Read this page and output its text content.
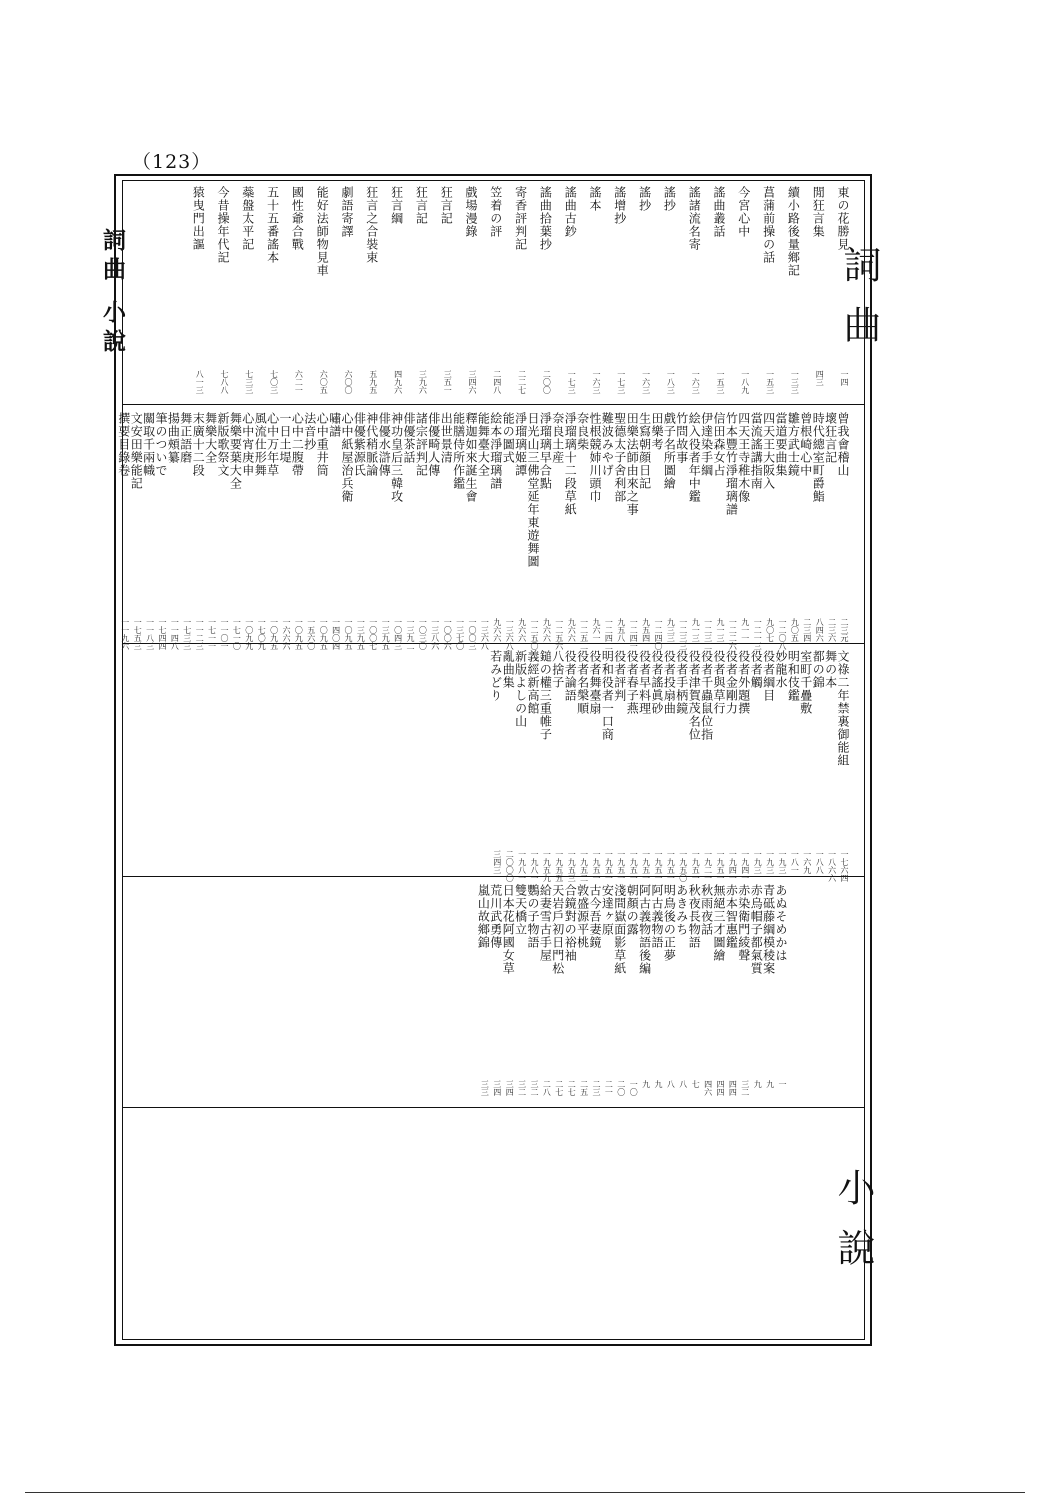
（123）
詞曲 小說	詞曲
小說
東の花勝見
一四
曾我會稽山
二三元
文祿二年禁裏御能組
一七六四
壞狂言記
二三六
舞の本
一八六六
閒狂言集
四三
時代總室町爵鮨
八四六
都の錦
一八八
曾根崎心中
二三四
室町千疊敷
一六九
續小路後量鄉記
一三三
雛方武士鏡
九〇五
明和伎鑑
一八一
當道要曲集
一二〇八
妙龍水
一九三
あぬそめかは
一
菖蒲前操の話
一五三
四天王大阪入
九〇七
役者綱目
一九三
青砥藤綱模稜案
九
當流謠講指南
一二一三
役者觸
一九三
赤烏帽子都氣質
九
今宮心中
一八九
四天王寺稚木像
九一一
役者外題撰
一九四一
赤染衛門綾聲
三二
竹本豐竹淨瑠璃譜
一二二六
役者金剛力
一九四一
赤本智惠鑑
四四
謠曲叢話
一五三
信田森女占
九一三
役者與草行
一九五一
無絕三才圖繪
四四
伊達染手綱
一二三二
役者千蟲鼠位指
一九二一
秋雨夜話
四六
謠諸流名寄
一六三
絵入役者年中鑑
九一三
役者津賀茂名位
一九五一
秋夜長物語
七
竹問故事
一二三三
役者手柄鏡
一九五〇
あきみち
八
謠抄
一八三
戲子名所圖繪
九三三
役者投扇曲
一九五一
明鳥後の正夢
八
田樂考
一二四〇
役者謠眞砂
一九五一
阿古義物語
九
謠抄
一六三
生寫朝顔日記
九五四
役者早料理
一九五一
阿古義物語後編
九
田樂法師由來之事
一二四一
役者春子燕
一九五一
朝顏の露
一〇
謠增抄
一七三
聖德太子舍利部
九五八
役者評判
一九五一
淺間嶽面影草紙
二〇
難波みやげ
一二四二
明和役者一口商
一九五一
安達ヶ原
二一
謠本
一六三
性根競姉川頭巾
九六一
役者舞臺扇
一九五一
古今吾妻鏡
二三
奈良柴
一二五二
役者名槃順
一九五二
敦盛源平桃
二五
謠曲古鈔
一七三
淨瑠璃十二段草紙
九六六
役者論語
一九五三
合鏡對の裕袖
二七
奈良土産
一二五六
八捨子
一九五五
天岩戶初日門松
二七
謠曲拾葉抄
二〇〇
淨瑠璃早合點
九六六
鎚の權三重帷子
一九五九
給妻雪古手屋
二八
日光山三佛堂延年東遊舞圖
一二五〇
義經新高館
一九八一
鸚の子物語
三二
寄香評判記
二二七
淨瑠璃姬譚
九六六
新版よしの山
一九八一
雙天橋立
三二
能の圖式
一三六八
亂曲集
二〇〇〇
日本花阿國女草
三四
笠着の評
二四八
絵本淨瑠璃譜
九六六
若みどり
三四三
荒川武勇傳
三四
能舞臺大全
一三六八
嵐山故鄉錦
三三
戲場漫錄
三四六
釋迦如來誕生會
一〇〇三
能膳侍所作鑑
一三七〇
狂言記
三五一
出世景清
一〇〇六
俳優畸人傳
一三八六
狂言記
三九六
諸宗評判記
一〇三〇
俳優茶話
一三九二
狂言綱
四九六
神功皇后三韓攻
一〇四三
俳優水滸傳
一三九五
狂言之合裝束
五九五
神代稍脈論
一〇〇七
俳優紫源氏
一三九五
劇語寄譯
六〇〇
心中紙屋治兵衛
一〇九五
嘯譜
一四〇四
能好法師物見車
六〇五
心中重井筒
一〇九五
法音抄
一五六〇
國性爺合戰
六二一
心中二腹帶
一〇九五
一日土堤
一六六六
五十五番謠本
七〇三
心中万年草
一〇九五
風流仕形舞
一七〇九
蘂盤太平記
七三三
心中宵庚申
一〇九九
舞樂要葉大全
一七一〇
今昔操年代記
七八八
新版歌祭文
一一〇一
舞樂大全
一七一一
猿曳門出謳
八一三
末廣十二段
一一二三
舞正語磨
一七三三
揚曲頰纂
一一四八
筆のついで
一七四四
關取千兩幟
一一八三
文安田樂能記
一七五三
撰要目錄卷
一一九六
